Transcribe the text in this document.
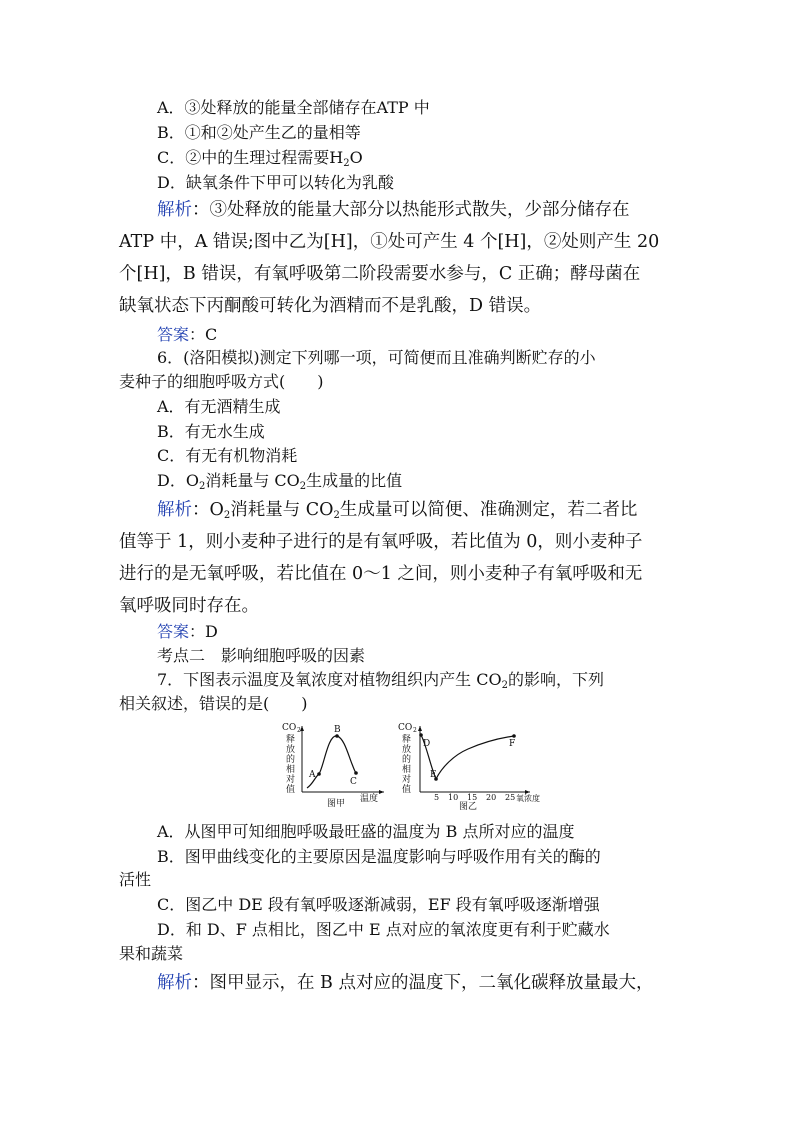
A．③处释放的能量全部储存在ATP 中
B．①和②处产生乙的量相等
C．②中的生理过程需要$H_2O$
D．缺氧条件下甲可以转化为乳酸
解析：③处释放的能量大部分以热能形式散失，少部分储存在
ATP 中，A 错误;图中乙为[H]，①处可产生 4 个[H]，②处则产生 20
个[H]，B 错误，有氧呼吸第二阶段需要水参与，C 正确；酵母菌在
缺氧状态下丙酮酸可转化为酒精而不是乳酸，D 错误。
答案：C
6．(洛阳模拟)测定下列哪一项，可简便而且准确判断贮存的小
麦种子的细胞呼吸方式(　　)
A．有无酒精生成
B．有无水生成
C．有无有机物消耗
D．$O_2$消耗量与 $CO_2$生成量的比值
解析：$O_2$消耗量与 $CO_2$生成量可以简便、准确测定，若二者比
值等于 1，则小麦种子进行的是有氧呼吸，若比值为 0，则小麦种子
进行的是无氧呼吸，若比值在 0～1 之间，则小麦种子有氧呼吸和无
氧呼吸同时存在。
答案：D
考点二　影响细胞呼吸的因素
7．下图表示温度及氧浓度对植物组织内产生 $CO_2$的影响，下列
相关叙述，错误的是(　　)
CO 2
释
放
的
相
对
值
A
B
C
图甲 温度
CO 2
释
放
的
相
对
值
D
E
F
5 10 15 20 25 氧浓度
图乙
A．从图甲可知细胞呼吸最旺盛的温度为 B 点所对应的温度
B．图甲曲线变化的主要原因是温度影响与呼吸作用有关的酶的
活性
C．图乙中 DE 段有氧呼吸逐渐减弱，EF 段有氧呼吸逐渐增强
D．和 D、F 点相比，图乙中 E 点对应的氧浓度更有利于贮藏水
果和蔬菜
解析：图甲显示，在 B 点对应的温度下，二氧化碳释放量最大，
